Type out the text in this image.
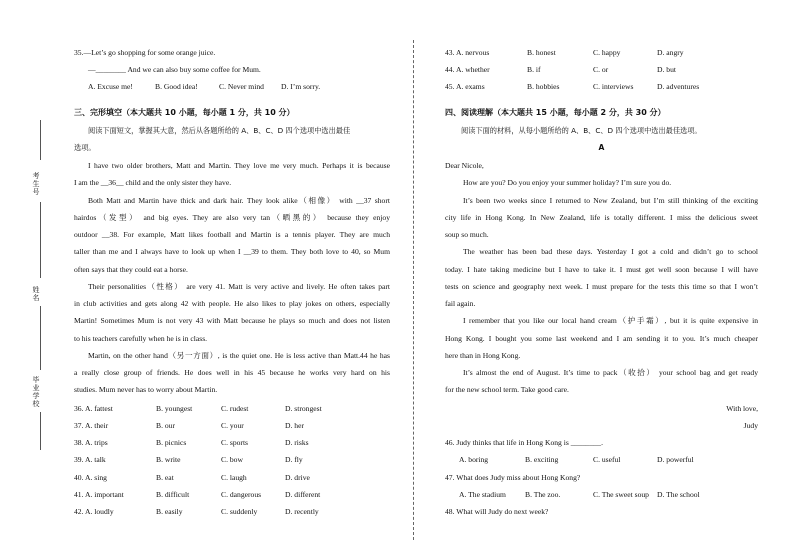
考生号
姓名
毕业学校
35.—Let’s go shopping for some orange juice.
—________ And we can also buy some coffee for Mum.
A. Excuse me!	B. Good idea!	C. Never mind D. I’m sorry.
三、完形填空（本大题共 10 小题，每小题 1 分，共 10 分）
阅读下面短文，掌握其大意，然后从各题所给的 A、B、C、D 四个选项中选出最佳
选项。
I have two older brothers, Matt and Martin. They love me very much. Perhaps it is because
I am the __36__ child and the only sister they have.
Both Matt and Martin have thick and dark hair. They look alike（相像） with __37 short
hairdos（发型） and big eyes. They are also very tan（晒黑的） because they enjoy
outdoor __38. For example, Matt likes football and Martin is a tennis player. They are much
taller than me and I always have to look up when I __39 to them. They both love to 40, so Mum
often says that they could eat a horse.
Their personalities（性格） are very 41. Matt is very active and lively. He often takes part
in club activities and gets along 42 with people. He also likes to play jokes on others, especially
Martin! Sometimes Mum is not very 43 with Matt because he plays so much and does not listen
to his teachers carefully when he is in class.
Martin, on the other hand（另一方面）, is the quiet one. He is less active than Matt.44 he has
a really close group of friends. He does well in his 45 because he works very hard on his
studies. Mum never has to worry about Martin.
36. A. fattest	B. youngest	C. rudest	D. strongest
37. A. their	B. our	C. your	D. her
38. A. trips	B. picnics	C. sports	D. risks
39. A. talk	B. write	C. bow	D. fly
40. A. sing	B. eat	C. laugh	D. drive
41. A. important	B. difficult	C. dangerous	D. different
42. A. loudly	B. easily	C. suddenly	D. recently
43. A. nervous	B. honest	C. happy	D. angry
44. A. whether	B. if	C. or	D. but
45. A. exams	B. hobbies	C. interviews	D. adventures
四、阅读理解（本大题共 15 小题，每小题 2 分，共 30 分）
阅读下面的材料，从每小题所给的 A、B、C、D 四个选项中选出最佳选项。
A
Dear Nicole,
How are you? Do you enjoy your summer holiday? I’m sure you do.
It’s been two weeks since I returned to New Zealand, but I’m still thinking of the exciting
city life in Hong Kong. In New Zealand, life is totally different. I miss the delicious sweet
soup so much.
The weather has been bad these days. Yesterday I got a cold and didn’t go to school
today. I hate taking medicine but I have to take it. I must get well soon because I will have
tests on science and geography next week. I must prepare for the tests this time so that I won’t
fail again.
I remember that you like our local hand cream（护手霜）, but it is quite expensive in
Hong Kong. I bought you some last weekend and I am sending it to you. It’s much cheaper
here than in Hong Kong.
It’s almost the end of August. It’s time to pack（收拾） your school bag and get ready
for the new school term. Take good care.
With love,
Judy
46. Judy thinks that life in Hong Kong is ________.
A. boring	B. exciting	C. useful	D. powerful
47. What does Judy miss about Hong Kong?
A. The stadium	B. The zoo.	C. The sweet soup D. The school
48. What will Judy do next week?
